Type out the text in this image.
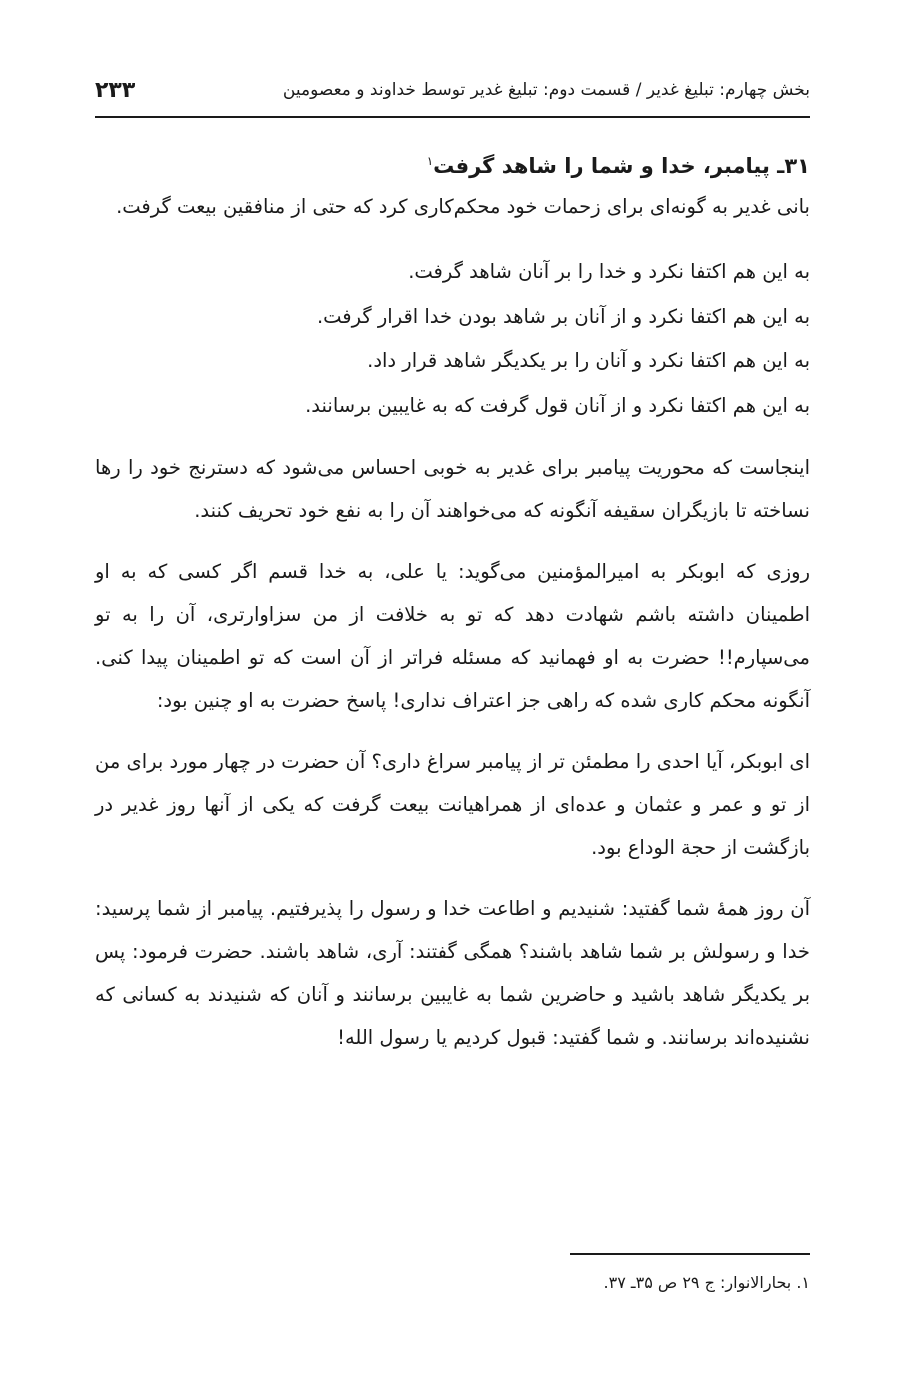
بخش چهارم: تبلیغ غدیر / قسمت دوم: تبلیغ غدیر توسط خداوند و معصومین
۲۳۳
۳۱ـ پیامبر، خدا و شما را شاهد گرفت$^۱$

بانی غدیر به گونه‌ای برای زحمات خود محکم‌کاری کرد که حتی از منافقین بیعت گرفت.

به این هم اکتفا نکرد و خدا را بر آنان شاهد گرفت.
به این هم اکتفا نکرد و از آنان بر شاهد بودن خدا اقرار گرفت.
به این هم اکتفا نکرد و آنان را بر یکدیگر شاهد قرار داد.
به این هم اکتفا نکرد و از آنان قول گرفت که به غایبین برسانند.

اینجاست که محوریت پیامبر برای غدیر به خوبی احساس می‌شود که دسترنج خود را رها نساخته تا بازیگران سقیفه آنگونه که می‌خواهند آن را به نفع خود تحریف کنند.

روزی که ابوبکر به امیرالمؤمنین می‌گوید: یا علی، به خدا قسم اگر کسی که به او اطمینان داشته باشم شهادت دهد که تو به خلافت از من سزاوارتری، آن را به تو می‌سپارم!! حضرت به او فهمانید که مسئله فراتر از آن است که تو اطمینان پیدا کنی. آنگونه محکم کاری شده که راهی جز اعتراف نداری! پاسخ حضرت به او چنین بود:

ای ابوبکر، آیا احدی را مطمئن تر از پیامبر سراغ داری؟ آن حضرت در چهار مورد برای من از تو و عمر و عثمان و عده‌ای از همراهیانت بیعت گرفت که یکی از آنها روز غدیر در بازگشت از حجة الوداع بود.

آن روز همهٔ شما گفتید: شنیدیم و اطاعت خدا و رسول را پذیرفتیم. پیامبر از شما پرسید: خدا و رسولش بر شما شاهد باشند؟ همگی گفتند: آری، شاهد باشند. حضرت فرمود: پس بر یکدیگر شاهد باشید و حاضرین شما به غایبین برسانند و آنان که شنیدند به کسانی که نشنیده‌اند برسانند. و شما گفتید: قبول کردیم یا رسول الله!

۱. بحارالانوار: ج ۲۹ ص ۳۵ـ ۳۷.
